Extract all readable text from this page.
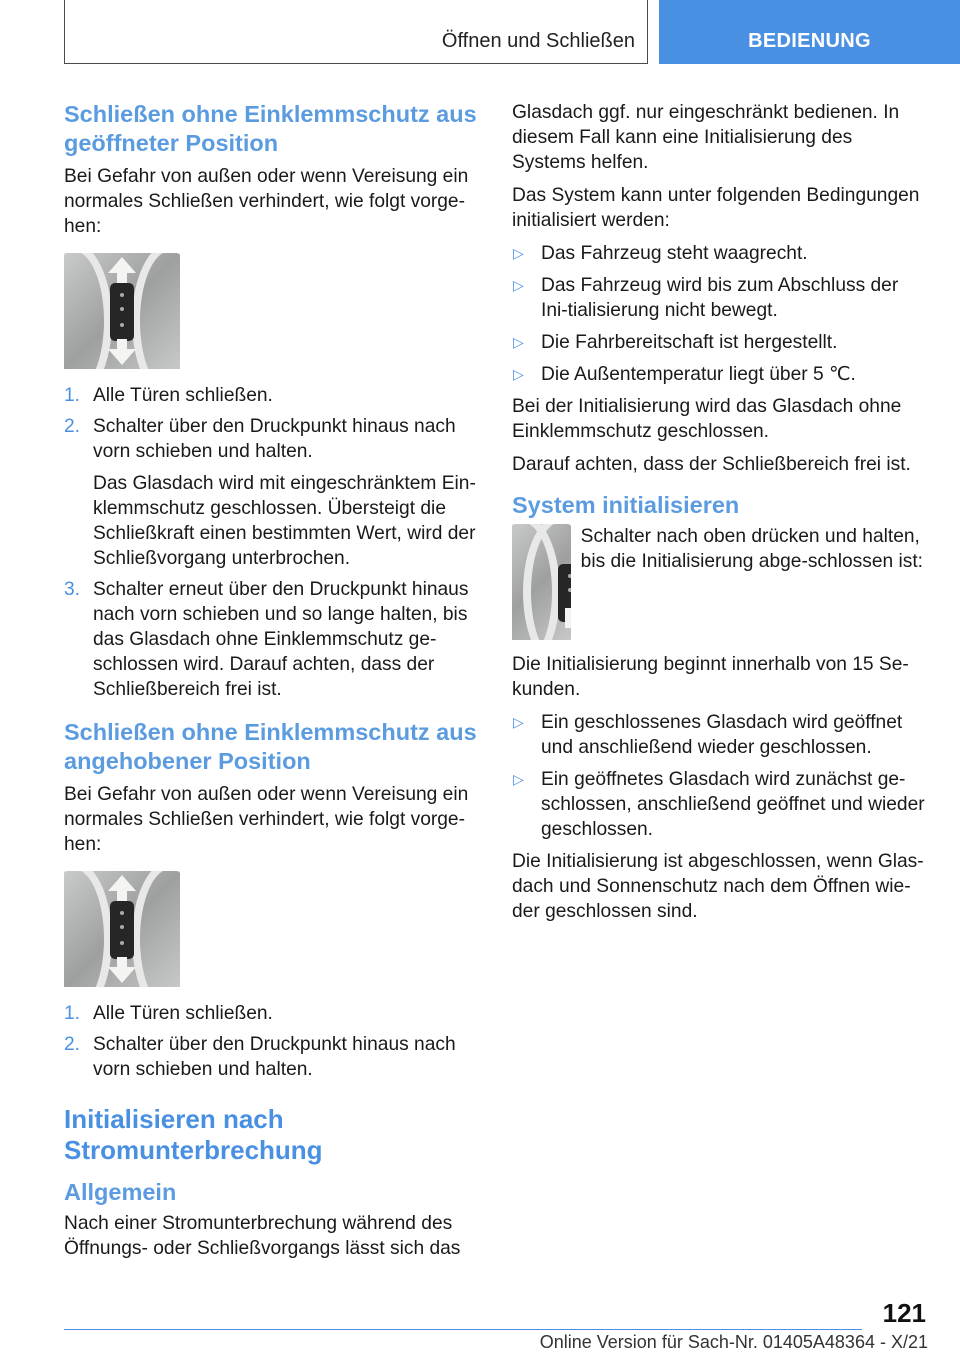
Öffnen und Schließen	BEDIENUNG
Schließen ohne Einklemmschutz aus geöffneter Position

Bei Gefahr von außen oder wenn Vereisung ein normales Schließen verhindert, wie folgt vorge-hen:

1. Alle Türen schließen.
2. Schalter über den Druckpunkt hinaus nach vorn schieben und halten.

Das Glasdach wird mit eingeschränktem Ein-klemmschutz geschlossen. Übersteigt die Schließkraft einen bestimmten Wert, wird der Schließvorgang unterbrochen.

3. Schalter erneut über den Druckpunkt hinaus nach vorn schieben und so lange halten, bis das Glasdach ohne Einklemmschutz ge-schlossen wird. Darauf achten, dass der Schließbereich frei ist.
Schließen ohne Einklemmschutz aus angehobener Position

Bei Gefahr von außen oder wenn Vereisung ein normales Schließen verhindert, wie folgt vorge-hen:

1. Alle Türen schließen.
2. Schalter über den Druckpunkt hinaus nach vorn schieben und halten.
Initialisieren nach Stromunterbrechung
Allgemein

Nach einer Stromunterbrechung während des Öffnungs- oder Schließvorgangs lässt sich das

Glasdach ggf. nur eingeschränkt bedienen. In diesem Fall kann eine Initialisierung des Systems helfen.

Das System kann unter folgenden Bedingungen initialisiert werden:

▷ Das Fahrzeug steht waagrecht.
▷ Das Fahrzeug wird bis zum Abschluss der Ini-tialisierung nicht bewegt.
▷ Die Fahrbereitschaft ist hergestellt.
▷ Die Außentemperatur liegt über 5 ℃.

Bei der Initialisierung wird das Glasdach ohne Einklemmschutz geschlossen.

Darauf achten, dass der Schließbereich frei ist.

System initialisieren

Schalter nach oben drücken und halten, bis die Initialisierung abge-schlossen ist:

Die Initialisierung beginnt innerhalb von 15 Se-kunden.

▷ Ein geschlossenes Glasdach wird geöffnet und anschließend wieder geschlossen.
▷ Ein geöffnetes Glasdach wird zunächst ge-schlossen, anschließend geöffnet und wieder geschlossen.

Die Initialisierung ist abgeschlossen, wenn Glas-dach und Sonnenschutz nach dem Öffnen wie-der geschlossen sind.

121
Online Version für Sach-Nr. 01405A48364 - X/21
